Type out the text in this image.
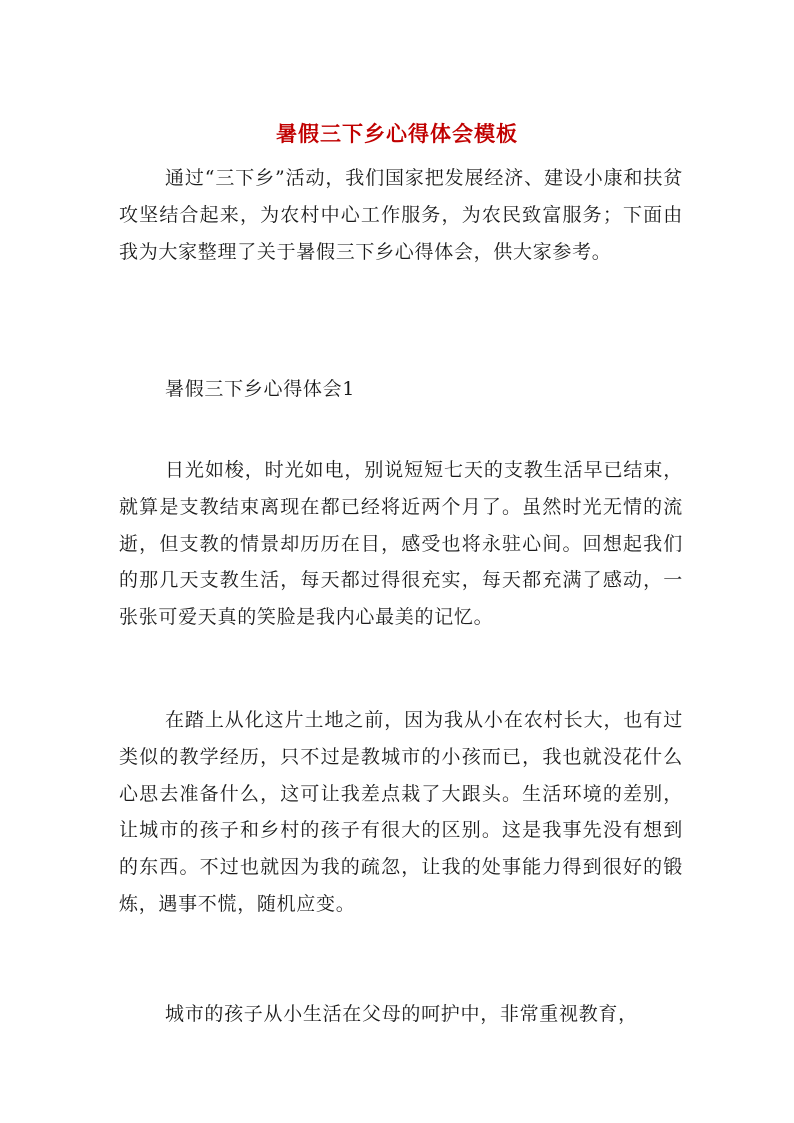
暑假三下乡心得体会模板

通过“三下乡”活动，我们国家把发展经济、建设小康和扶贫攻坚结合起来，为农村中心工作服务，为农民致富服务；下面由我为大家整理了关于暑假三下乡心得体会，供大家参考。

暑假三下乡心得体会1

日光如梭，时光如电，别说短短七天的支教生活早已结束，就算是支教结束离现在都已经将近两个月了。虽然时光无情的流逝，但支教的情景却历历在目，感受也将永驻心间。回想起我们的那几天支教生活，每天都过得很充实，每天都充满了感动，一张张可爱天真的笑脸是我内心最美的记忆。

在踏上从化这片土地之前，因为我从小在农村长大，也有过类似的教学经历，只不过是教城市的小孩而已，我也就没花什么心思去准备什么，这可让我差点栽了大跟头。生活环境的差别，让城市的孩子和乡村的孩子有很大的区别。这是我事先没有想到的东西。不过也就因为我的疏忽，让我的处事能力得到很好的锻炼，遇事不慌，随机应变。

城市的孩子从小生活在父母的呵护中，非常重视教育，
